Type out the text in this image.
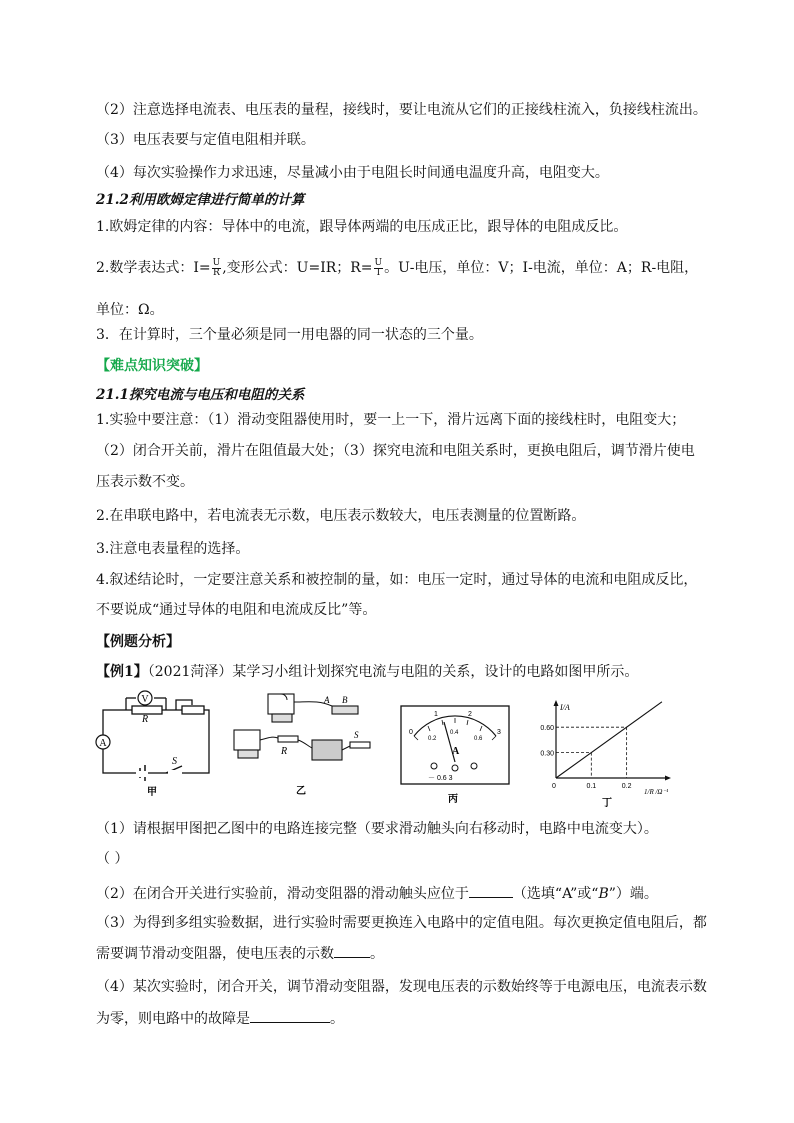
（2）注意选择电流表、电压表的量程，接线时，要让电流从它们的正接线柱流入，负接线柱流出。
（3）电压表要与定值电阻相并联。
（4）每次实验操作力求迅速，尽量减小由于电阻长时间通电温度升高，电阻变大。
21.2利用欧姆定律进行简单的计算
1.欧姆定律的内容：导体中的电流，跟导体两端的电压成正比，跟导体的电阻成反比。
2.数学表达式：$I= \frac{U}{R}$ ,变形公式：U=IR；$R= \frac{U}{I}$ 。U-电压，单位：V；I-电流，单位：A；R-电阻，
单位：Ω。
3．在计算时，三个量必须是同一用电器的同一状态的三个量。
【难点知识突破】
21.1探究电流与电压和电阻的关系
1.实验中要注意：（1）滑动变阻器使用时，要一上一下，滑片远离下面的接线柱时，电阻变大；
（2）闭合开关前，滑片在阻值最大处；（3）探究电流和电阻关系时，更换电阻后，调节滑片使电
压表示数不变。
2.在串联电路中，若电流表无示数，电压表示数较大，电压表测量的位置断路。
3.注意电表量程的选择。
4.叙述结论时，一定要注意关系和被控制的量，如：电压一定时，通过导体的电流和电阻成反比，
不要说成“通过导体的电阻和电流成反比”等。
【例题分析】
【例1】（2021菏泽）某学习小组计划探究电流与电阻的关系，设计的电路如图甲所示。
V
A
R
S
甲
R
A B
S
乙
0
1	2
3
0.2
0.4
0.6
A
－ 0.6 3
丙
0.30
0.1
0.60
0.2
I/A
1/R /Ω⁻¹
0
丁
（1）请根据甲图把乙图中的电路连接完整（要求滑动触头向右移动时，电路中电流变大）。
（ ）
（2）在闭合开关进行实验前，滑动变阻器的滑动触头应位于	（选填“A”或“B”）端。
（3）为得到多组实验数据，进行实验时需要更换连入电路中的定值电阻。每次更换定值电阻后，都
需要调节滑动变阻器，使电压表的示数	。
（4）某次实验时，闭合开关，调节滑动变阻器，发现电压表的示数始终等于电源电压，电流表示数
为零，则电路中的故障是	。
